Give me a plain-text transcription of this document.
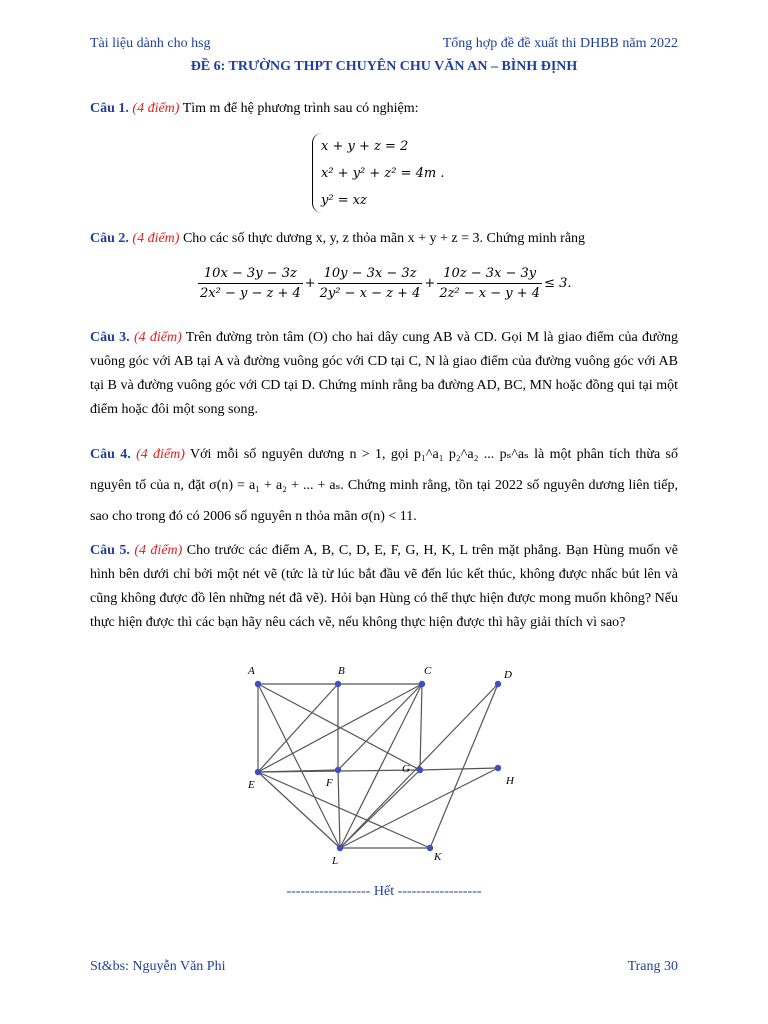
Tài liệu dành cho hsg	Tổng hợp đề đề xuất thi DHBB năm 2022
ĐỀ 6: TRƯỜNG THPT CHUYÊN CHU VĂN AN – BÌNH ĐỊNH
Câu 1. (4 điểm) Tìm m để hệ phương trình sau có nghiệm:
x + y + z = 2
x² + y² + z² = 4m .
y² = xz
Câu 2. (4 điểm) Cho các số thực dương x, y, z thỏa mãn x + y + z = 3. Chứng minh rằng
$\frac{10x - 3y - 3z}{\text{2x² − y − z + 4}} + \frac{10y - 3x - 3z}{\text{2y² − x − z + 4}} + \frac{10z - 3x - 3y}{\text{2z² − x − y + 4}} \le 3$.
Câu 3. (4 điểm) Trên đường tròn tâm (O) cho hai dây cung AB và CD. Gọi M là giao điểm của đường vuông góc với AB tại A và đường vuông góc với CD tại C, N là giao điểm của đường vuông góc với AB tại B và đường vuông góc với CD tại D. Chứng minh rằng ba đường AD, BC, MN hoặc đồng qui tại một điểm hoặc đôi một song song.
Câu 4. (4 điểm) Với mỗi số nguyên dương n > 1, gọi p₁^a₁ p₂^a₂ ... pₛ^aₛ là một phân tích thừa số nguyên tố của n, đặt σ(n) = a₁ + a₂ + ... + aₛ. Chứng minh rằng, tồn tại 2022 số nguyên dương liên tiếp, sao cho trong đó có 2006 số nguyên n thỏa mãn σ(n) < 11.
Câu 5. (4 điểm) Cho trước các điểm A, B, C, D, E, F, G, H, K, L trên mặt phẳng. Bạn Hùng muốn vẽ hình bên dưới chỉ bởi một nét vẽ (tức là từ lúc bắt đầu vẽ đến lúc kết thúc, không được nhấc bút lên và cũng không được đồ lên những nét đã vẽ). Hỏi bạn Hùng có thể thực hiện được mong muốn không? Nếu thực hiện được thì các bạn hãy nêu cách vẽ, nếu không thực hiện được thì hãy giải thích vì sao?
A	B	C	D
E	F
G
H
L	K
------------------ Hết ------------------
St&bs: Nguyễn Văn Phi	Trang 30
